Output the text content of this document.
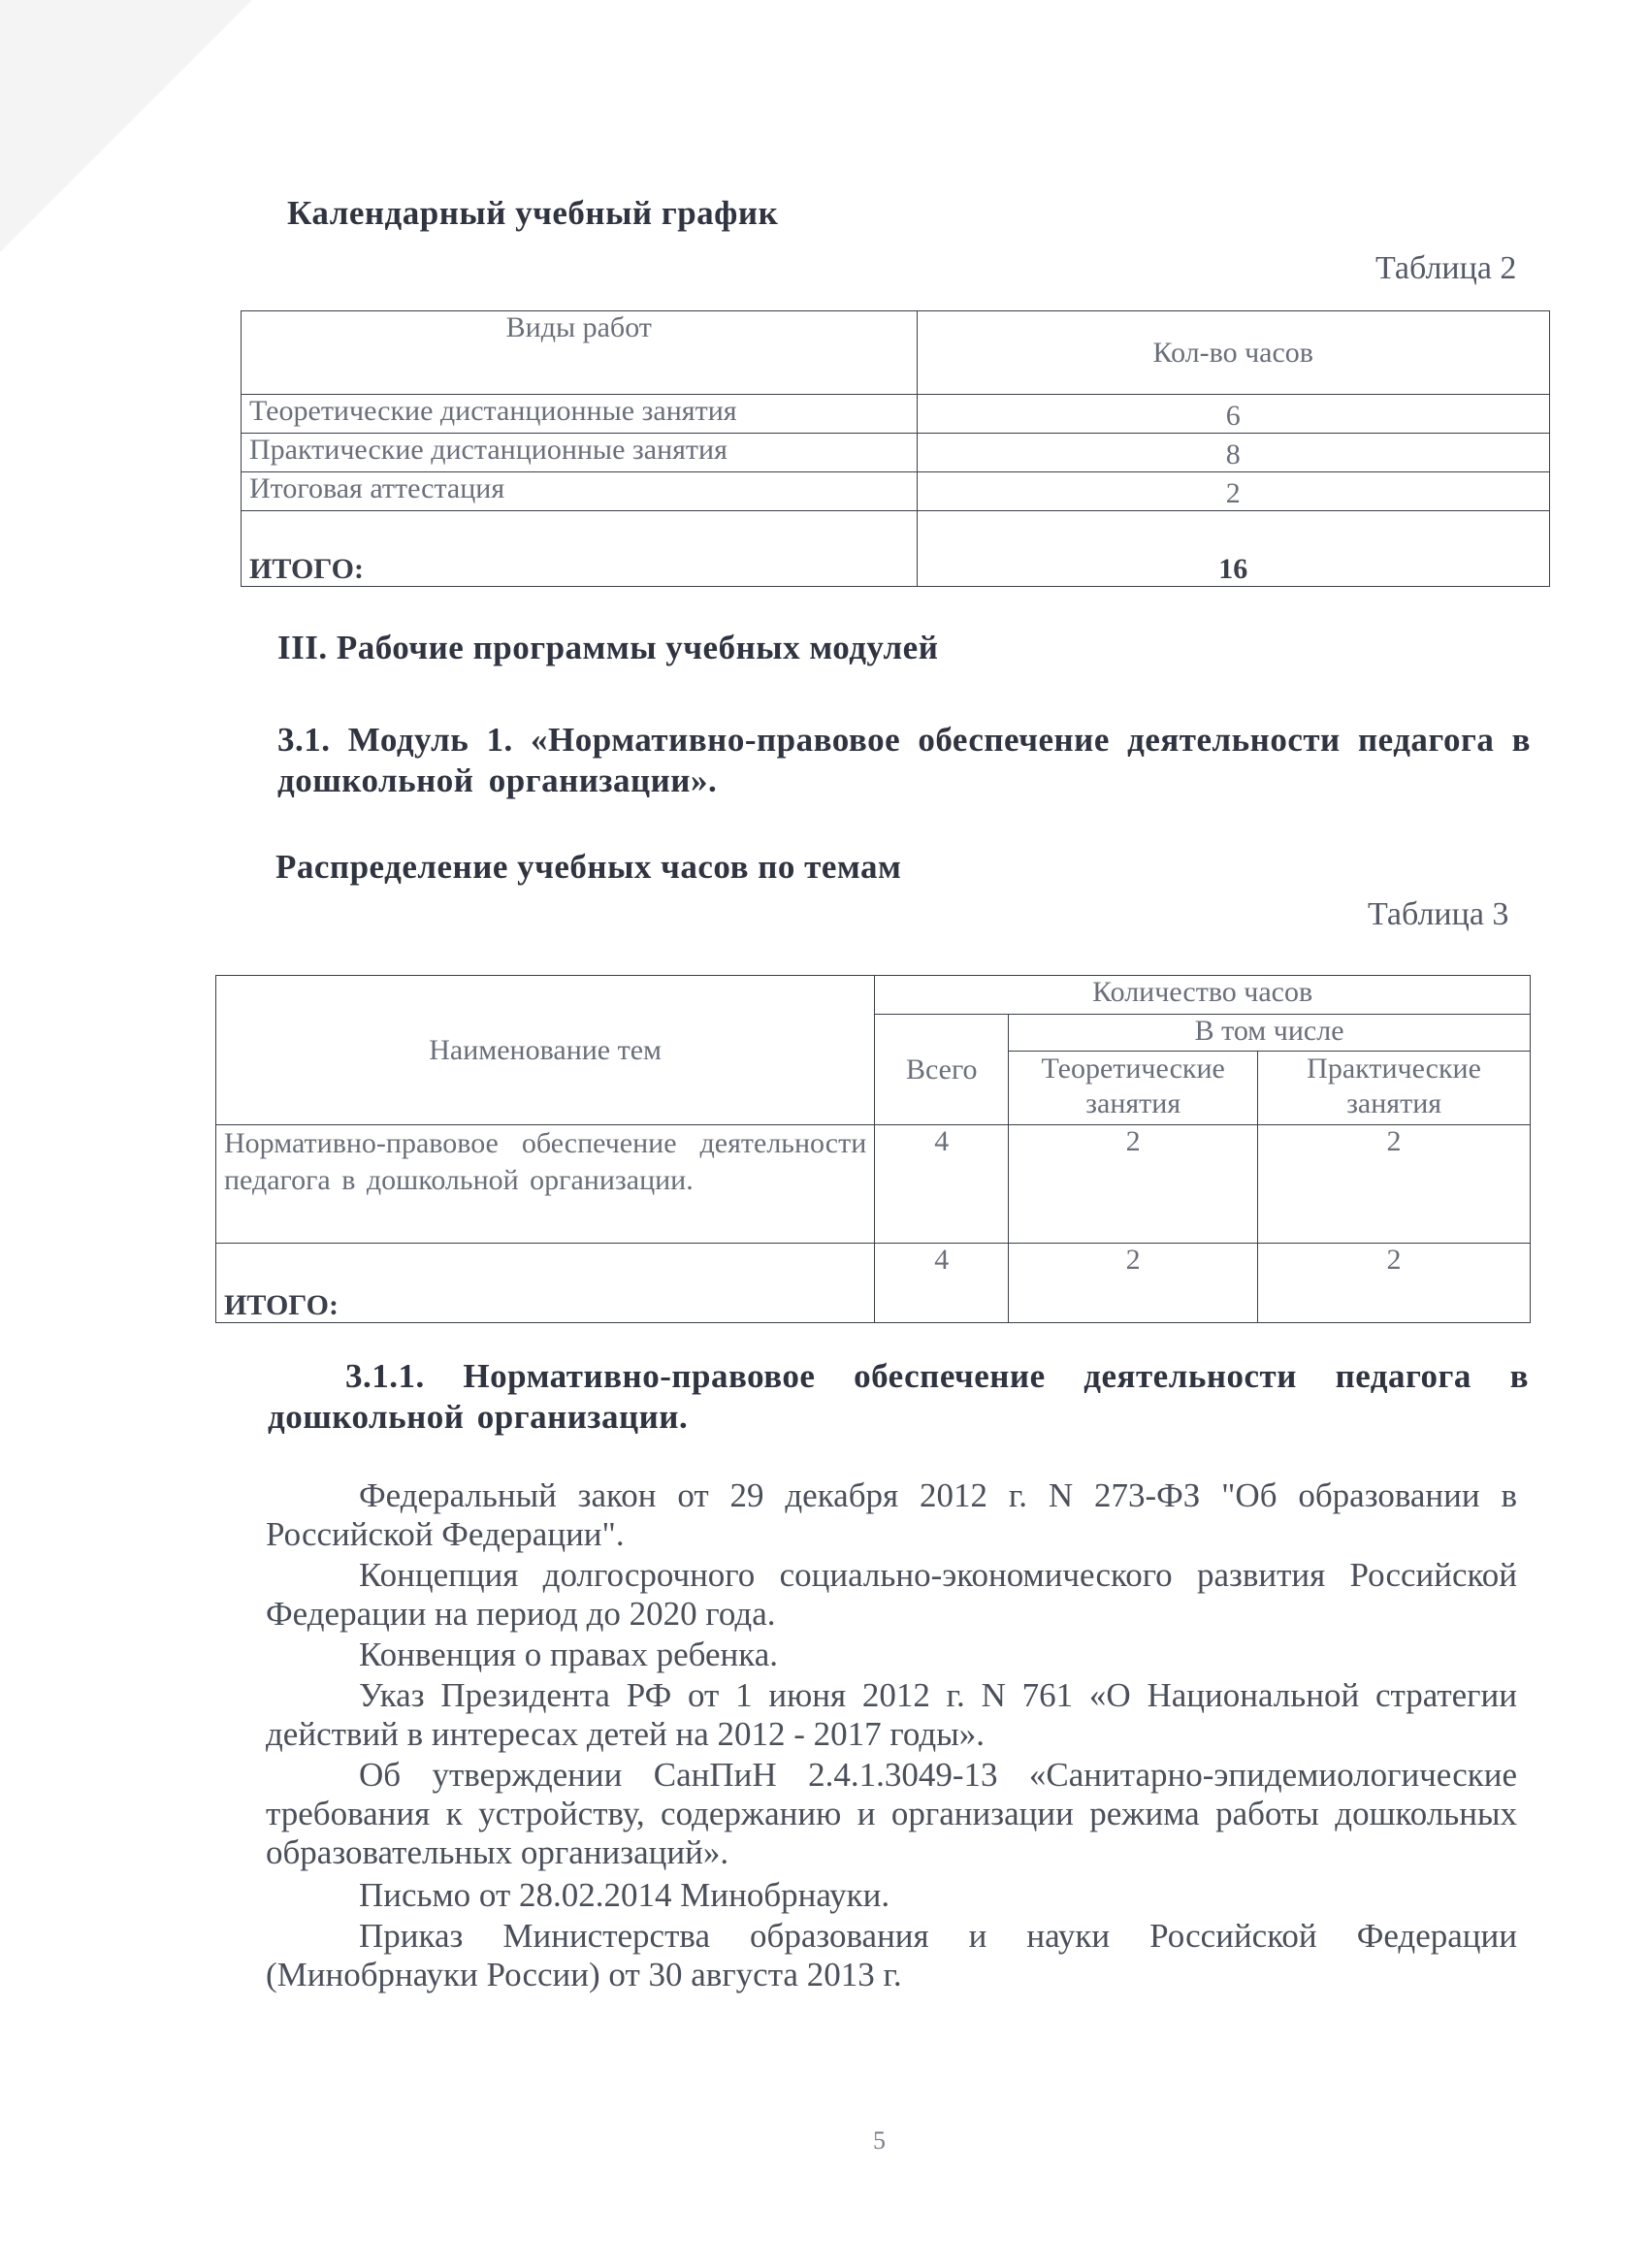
Календарный учебный график
Таблица 2
Виды работ	Кол-во часов
Теоретические дистанционные занятия	6
Практические дистанционные занятия	8
Итоговая аттестация	2
ИТОГО:	16
III. Рабочие программы учебных модулей
3.1. Модуль 1. «Нормативно-правовое обеспечение деятельности педагога в дошкольной организации».
Распределение учебных часов по темам
Таблица 3
Наименование тем	Количество часов		
	Всего	В том числе	
		Теоретические занятия	Практические занятия
Нормативно-правовое обеспечение деятельности педагога в дошкольной организации.	4	2	2
ИТОГО:	4	2	2
3.1.1. Нормативно-правовое обеспечение деятельности педагога в дошкольной организации.
Федеральный закон от 29 декабря 2012 г. N 273-ФЗ "Об образовании в Российской Федерации".
Концепция долгосрочного социально-экономического развития Российской Федерации на период до 2020 года.
Конвенция о правах ребенка.
Указ Президента РФ от 1 июня 2012 г. N 761 «О Национальной стратегии действий в интересах детей на 2012 - 2017 годы».
Об утверждении СанПиН 2.4.1.3049-13 «Санитарно-эпидемиологические требования к устройству, содержанию и организации режима работы дошкольных образовательных организаций».
Письмо от 28.02.2014 Минобрнауки.
Приказ Министерства образования и науки Российской Федерации (Минобрнауки России) от 30 августа 2013 г.
5
